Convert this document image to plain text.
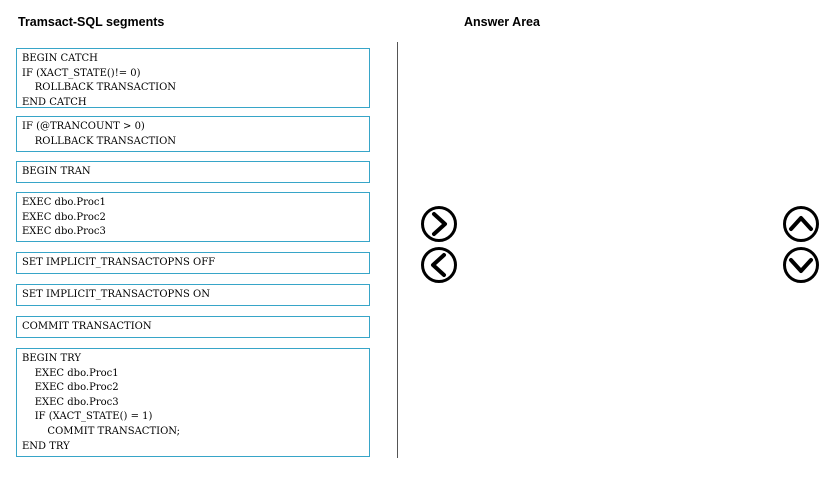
Tramsact-SQL segments	Answer Area
BEGIN CATCH
IF (XACT_STATE()!= 0)
ROLLBACK TRANSACTION
END CATCH
IF (@TRANCOUNT > 0)
ROLLBACK TRANSACTION
BEGIN TRAN
EXEC dbo.Proc1
EXEC dbo.Proc2
EXEC dbo.Proc3
SET IMPLICIT_TRANSACTOPNS OFF
SET IMPLICIT_TRANSACTOPNS ON
COMMIT TRANSACTION
BEGIN TRY
EXEC dbo.Proc1
EXEC dbo.Proc2
EXEC dbo.Proc3
IF (XACT_STATE() = 1)
COMMIT TRANSACTION;
END TRY
